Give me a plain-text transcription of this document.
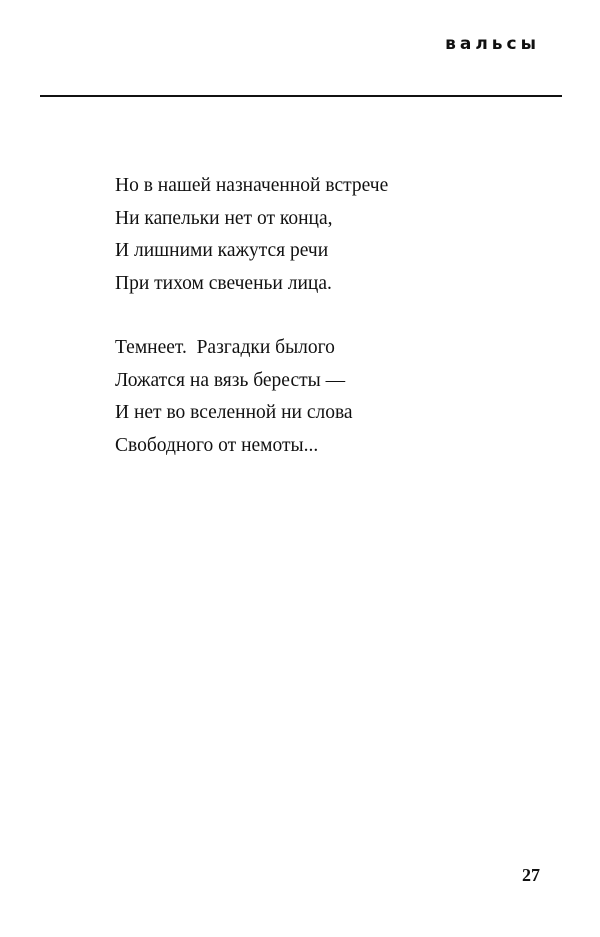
вальсы
Но в нашей назначенной встрече
Ни капельки нет от конца,
И лишними кажутся речи
При тихом свеченьи лица.
Темнеет.  Разгадки былого
Ложатся на вязь бересты —
И нет во вселенной ни слова
Свободного от немоты...
27
